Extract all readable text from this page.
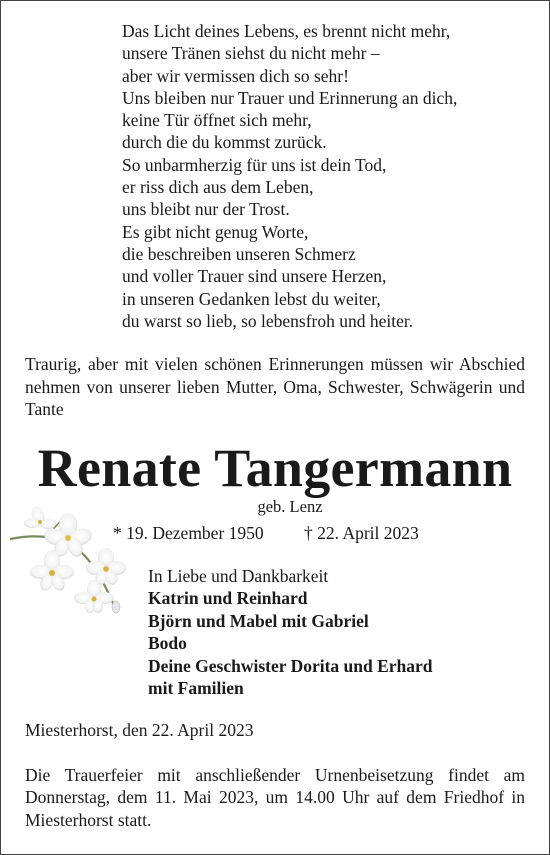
Das Licht deines Lebens, es brennt nicht mehr,
unsere Tränen siehst du nicht mehr –
aber wir vermissen dich so sehr!
Uns bleiben nur Trauer und Erinnerung an dich,
keine Tür öffnet sich mehr,
durch die du kommst zurück.
So unbarmherzig für uns ist dein Tod,
er riss dich aus dem Leben,
uns bleibt nur der Trost.
Es gibt nicht genug Worte,
die beschreiben unseren Schmerz
und voller Trauer sind unsere Herzen,
in unseren Gedanken lebst du weiter,
du warst so lieb, so lebensfroh und heiter.
Traurig, aber mit vielen schönen Erinnerungen müssen wir Abschied nehmen von unserer lieben Mutter, Oma, Schwester, Schwägerin und Tante
Renate Tangermann
geb. Lenz
* 19. Dezember 1950 † 22. April 2023
In Liebe und Dankbarkeit
Katrin und Reinhard
Björn und Mabel mit Gabriel
Bodo
Deine Geschwister Dorita und Erhard
mit Familien
Miesterhorst, den 22. April 2023
Die Trauerfeier mit anschließender Urnenbeisetzung findet am Donnerstag, dem 11. Mai 2023, um 14.00 Uhr auf dem Friedhof in Miesterhorst statt.
